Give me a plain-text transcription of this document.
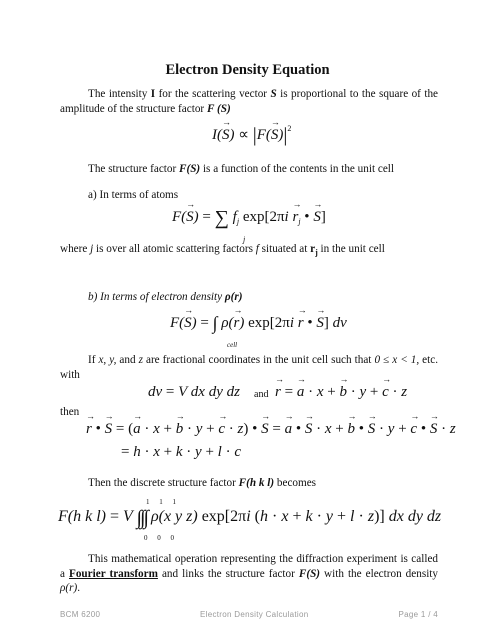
Electron Density Equation

The intensity I for the scattering vector S is proportional to the square of the amplitude of the structure factor F (S)

$I(\to S) \propto |F(\to S)|^2$

The structure factor F(S) is a function of the contents in the unit cell

a) In terms of atoms

F(→ S) = ∑ $f_j$ $\exp[2\pi i \to r_j$ • → S]
j

where j is over all atomic scattering factors f situated at $r_j$ in the unit cell

b) In terms of electron density ρ(r)

F(→ S) = ∫ ρ(→ r) exp[2πi → r • → S] dv
cell

If x, y, and z are fractional coordinates in the unit cell such that 0 ≤ x < 1, etc. with

dv = V dx dy dz and → r = → a · x + → b · y + → c · z

then

→ r • → S = (→ a · x + → b · y + → c · z) • → S = → a • → S · x + → b • → S · y + → c • → S · z
= h · x + k · y + l · c

Then the discrete structure factor F(h k l) becomes

1 1 1
F(h k l) = V ∫∫∫ ρ(x y z) exp[2πi (h · x + k · y + l · z)] dx dy dz
0 0 0

This mathematical operation representing the diffraction experiment is called a Fourier transform and links the structure factor F(S) with the electron density ρ(r).

BCM 6200	Electron Density Calculation	Page 1 / 4
